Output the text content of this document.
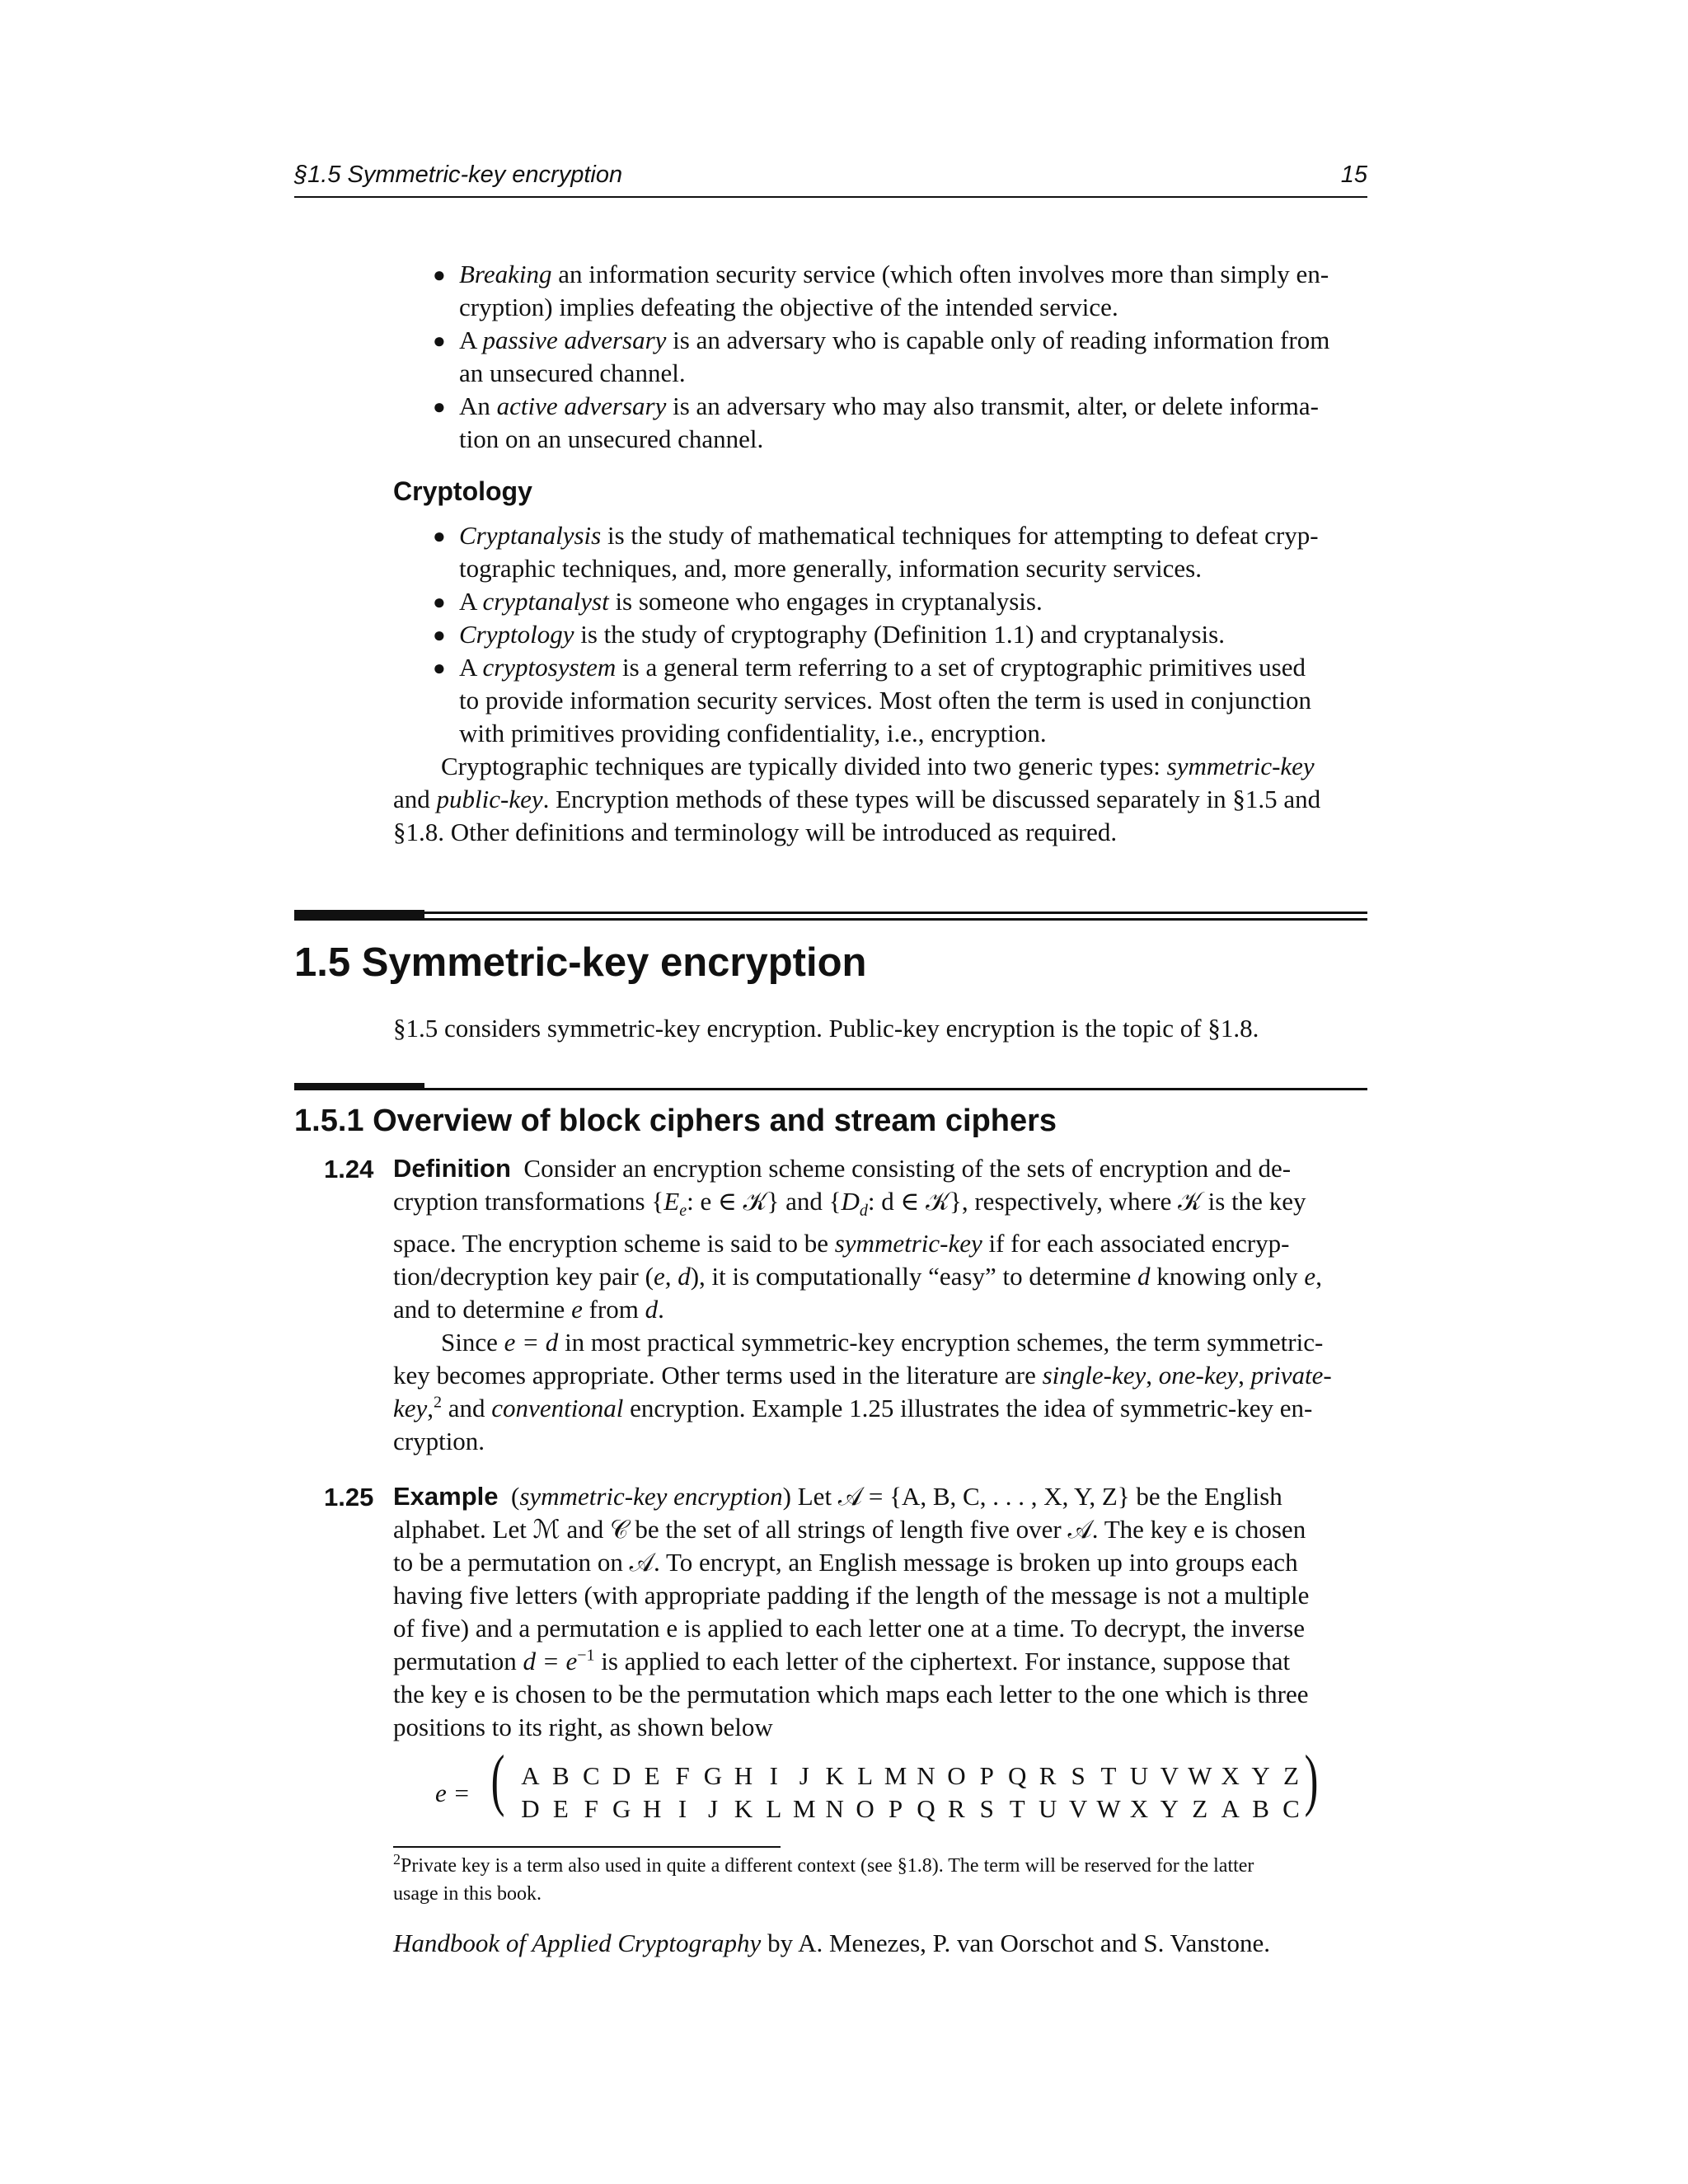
§1.5 Symmetric-key encryption	15
● Breaking an information security service (which often involves more than simply en-
cryption) implies defeating the objective of the intended service.
● A passive adversary is an adversary who is capable only of reading information from
an unsecured channel.
● An active adversary is an adversary who may also transmit, alter, or delete informa-
tion on an unsecured channel.
Cryptology
● Cryptanalysis is the study of mathematical techniques for attempting to defeat cryp-
tographic techniques, and, more generally, information security services.
● A cryptanalyst is someone who engages in cryptanalysis.
● Cryptology is the study of cryptography (Definition 1.1) and cryptanalysis.
● A cryptosystem is a general term referring to a set of cryptographic primitives used
to provide information security services. Most often the term is used in conjunction
with primitives providing confidentiality, i.e., encryption.
Cryptographic techniques are typically divided into two generic types: symmetric-key
and public-key. Encryption methods of these types will be discussed separately in §1.5 and
§1.8. Other definitions and terminology will be introduced as required.
1.5 Symmetric-key encryption
§1.5 considers symmetric-key encryption. Public-key encryption is the topic of §1.8.
1.5.1 Overview of block ciphers and stream ciphers
1.24 Definition Consider an encryption scheme consisting of the sets of encryption and de-
cryption transformations {$E_e$: e ∈ 𝒦} and {$D_d$: d ∈ 𝒦}, respectively, where 𝒦 is the key
space. The encryption scheme is said to be symmetric-key if for each associated encryp-
tion/decryption key pair (e, d), it is computationally “easy” to determine d knowing only e,
and to determine e from d.
Since e = d in most practical symmetric-key encryption schemes, the term symmetric-
key becomes appropriate. Other terms used in the literature are single-key, one-key, private-
key,$^2$ and conventional encryption. Example 1.25 illustrates the idea of symmetric-key en-
cryption.
1.25 Example (symmetric-key encryption) Let 𝒜 = {A, B, C, . . . , X, Y, Z} be the English
alphabet. Let ℳ and 𝒞 be the set of all strings of length five over 𝒜. The key e is chosen
to be a permutation on 𝒜. To encrypt, an English message is broken up into groups each
having five letters (with appropriate padding if the length of the message is not a multiple
of five) and a permutation e is applied to each letter one at a time. To decrypt, the inverse
permutation $d = e^{-1}$ is applied to each letter of the ciphertext. For instance, suppose that
the key e is chosen to be the permutation which maps each letter to the one which is three
positions to its right, as shown below
e = (	)
A B C D E F G H I J K L M N O P Q R S T U V W X Y Z
D E F G H I J K L M N O P Q R S T U V W X Y Z A B C
$^2$Private key is a term also used in quite a different context (see §1.8). The term will be reserved for the latter
usage in this book.
Handbook of Applied Cryptography by A. Menezes, P. van Oorschot and S. Vanstone.
